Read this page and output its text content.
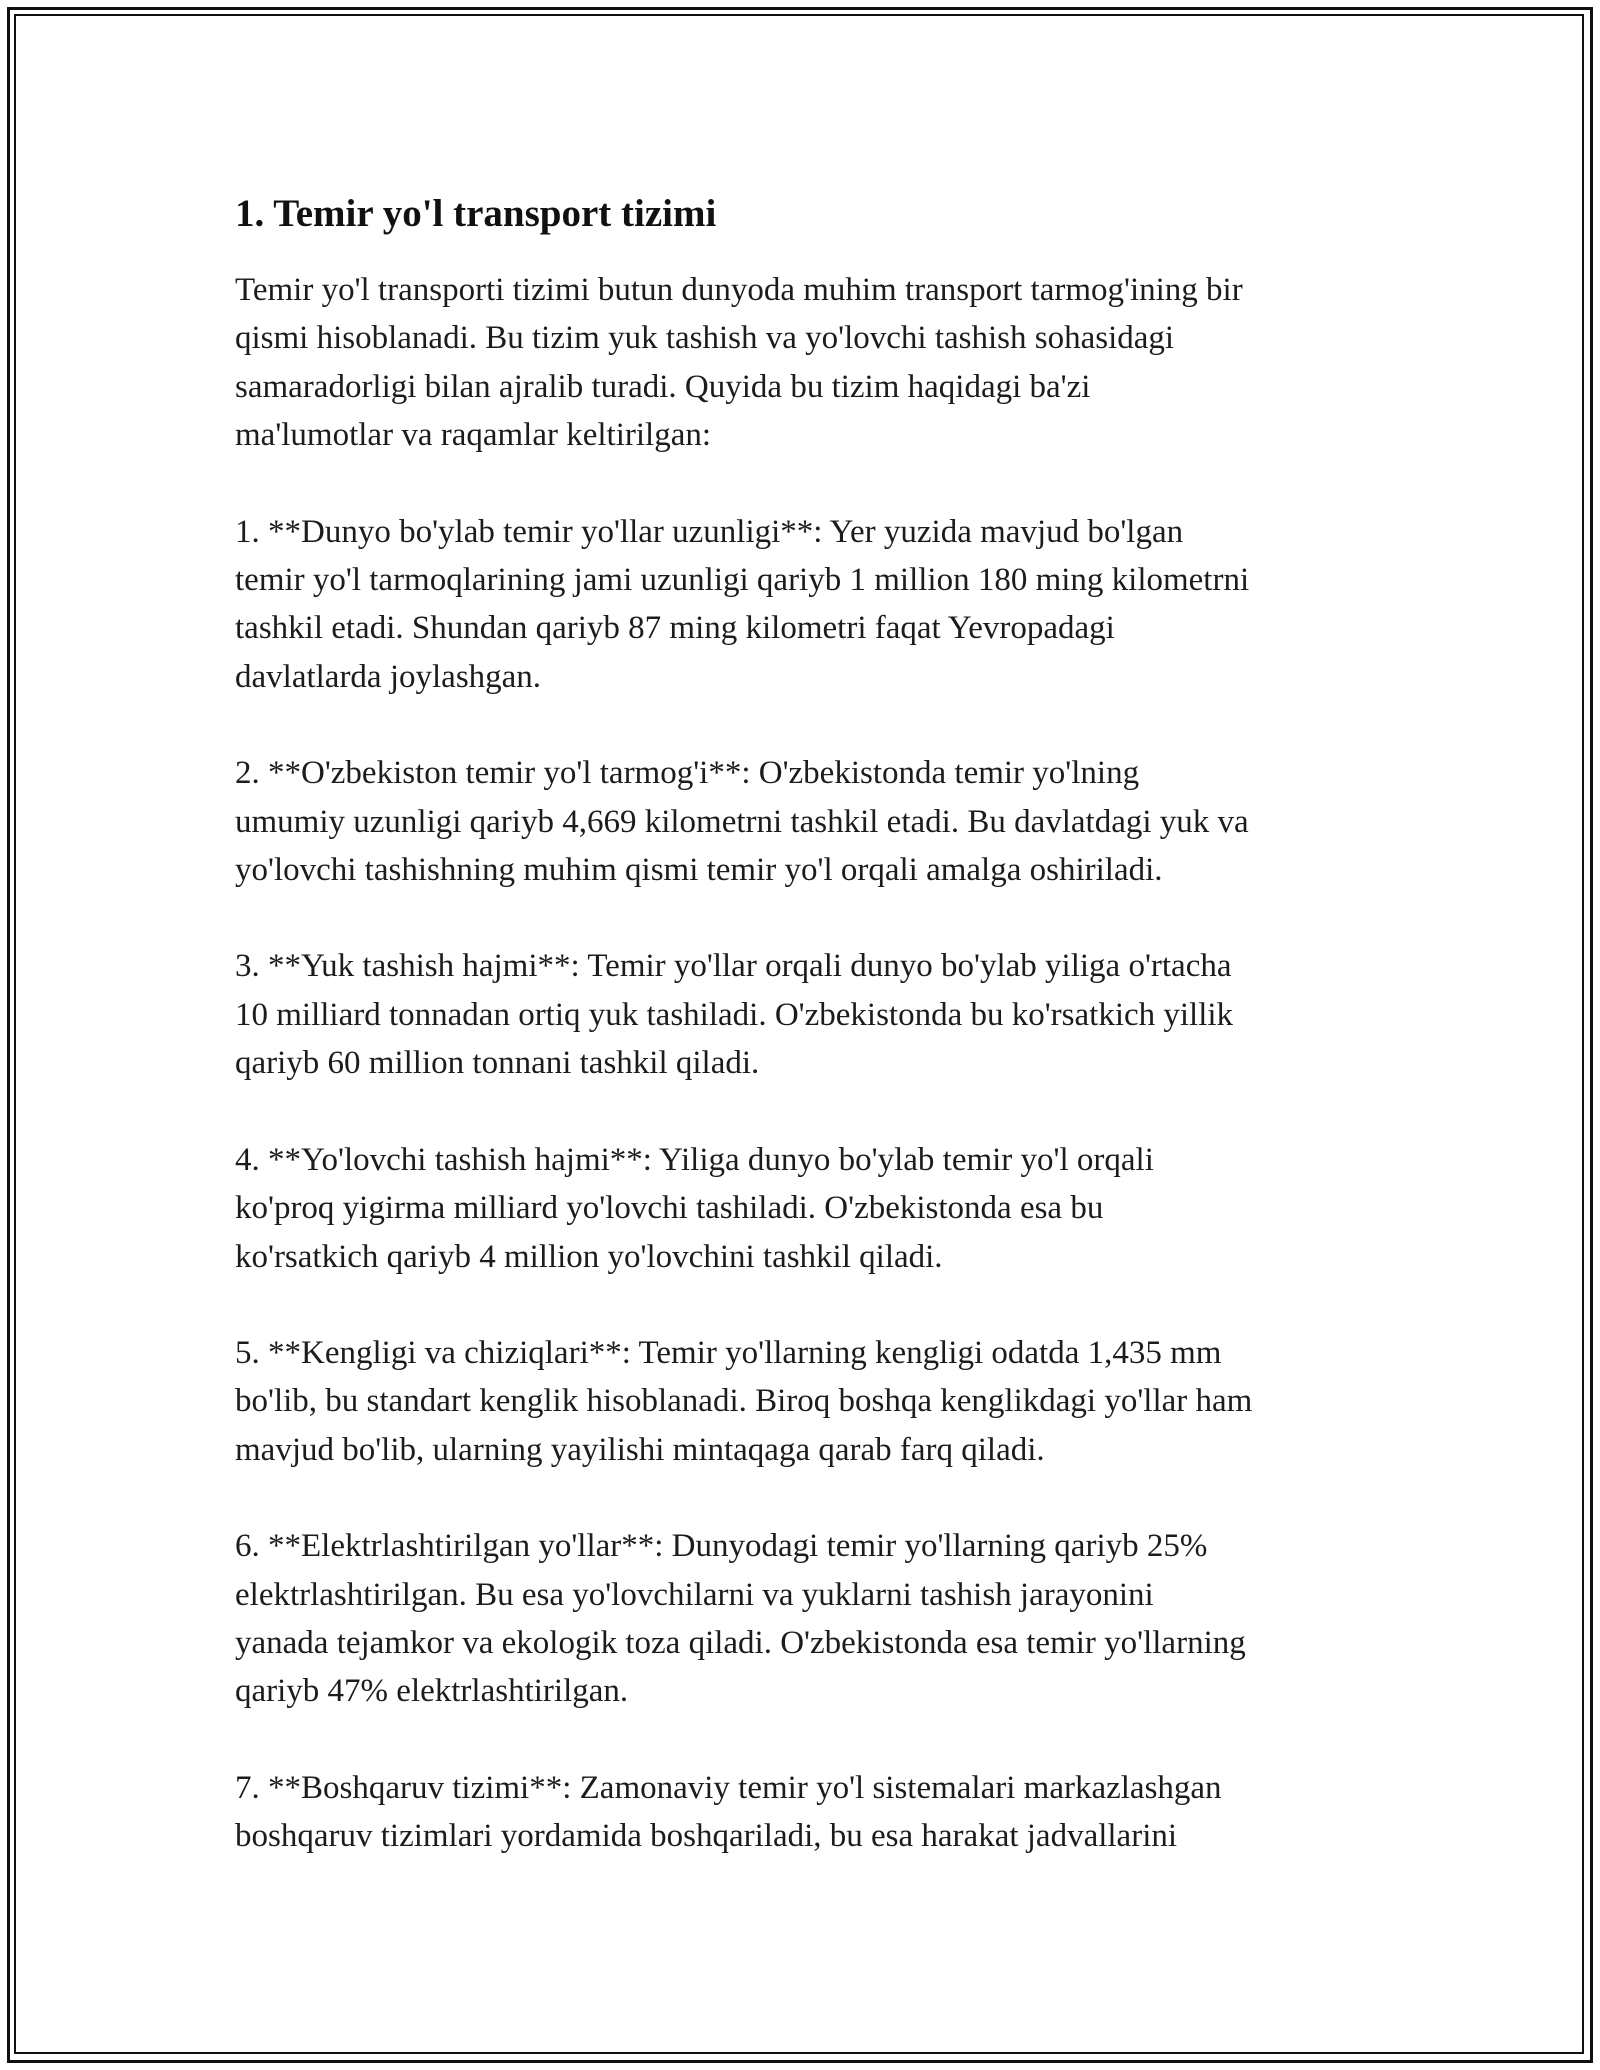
1. Temir yo'l transport tizimi

Temir yo'l transporti tizimi butun dunyoda muhim transport tarmog'ining bir
qismi hisoblanadi. Bu tizim yuk tashish va yo'lovchi tashish sohasidagi
samaradorligi bilan ajralib turadi. Quyida bu tizim haqidagi ba'zi
ma'lumotlar va raqamlar keltirilgan:

1. **Dunyo bo'ylab temir yo'llar uzunligi**: Yer yuzida mavjud bo'lgan
temir yo'l tarmoqlarining jami uzunligi qariyb 1 million 180 ming kilometrni
tashkil etadi. Shundan qariyb 87 ming kilometri faqat Yevropadagi
davlatlarda joylashgan.

2. **O'zbekiston temir yo'l tarmog'i**: O'zbekistonda temir yo'lning
umumiy uzunligi qariyb 4,669 kilometrni tashkil etadi. Bu davlatdagi yuk va
yo'lovchi tashishning muhim qismi temir yo'l orqali amalga oshiriladi.

3. **Yuk tashish hajmi**: Temir yo'llar orqali dunyo bo'ylab yiliga o'rtacha
10 milliard tonnadan ortiq yuk tashiladi. O'zbekistonda bu ko'rsatkich yillik
qariyb 60 million tonnani tashkil qiladi.

4. **Yo'lovchi tashish hajmi**: Yiliga dunyo bo'ylab temir yo'l orqali
ko'proq yigirma milliard yo'lovchi tashiladi. O'zbekistonda esa bu
ko'rsatkich qariyb 4 million yo'lovchini tashkil qiladi.

5. **Kengligi va chiziqlari**: Temir yo'llarning kengligi odatda 1,435 mm
bo'lib, bu standart kenglik hisoblanadi. Biroq boshqa kenglikdagi yo'llar ham
mavjud bo'lib, ularning yayilishi mintaqaga qarab farq qiladi.

6. **Elektrlashtirilgan yo'llar**: Dunyodagi temir yo'llarning qariyb 25%
elektrlashtirilgan. Bu esa yo'lovchilarni va yuklarni tashish jarayonini
yanada tejamkor va ekologik toza qiladi. O'zbekistonda esa temir yo'llarning
qariyb 47% elektrlashtirilgan.

7. **Boshqaruv tizimi**: Zamonaviy temir yo'l sistemalari markazlashgan
boshqaruv tizimlari yordamida boshqariladi, bu esa harakat jadvallarini
